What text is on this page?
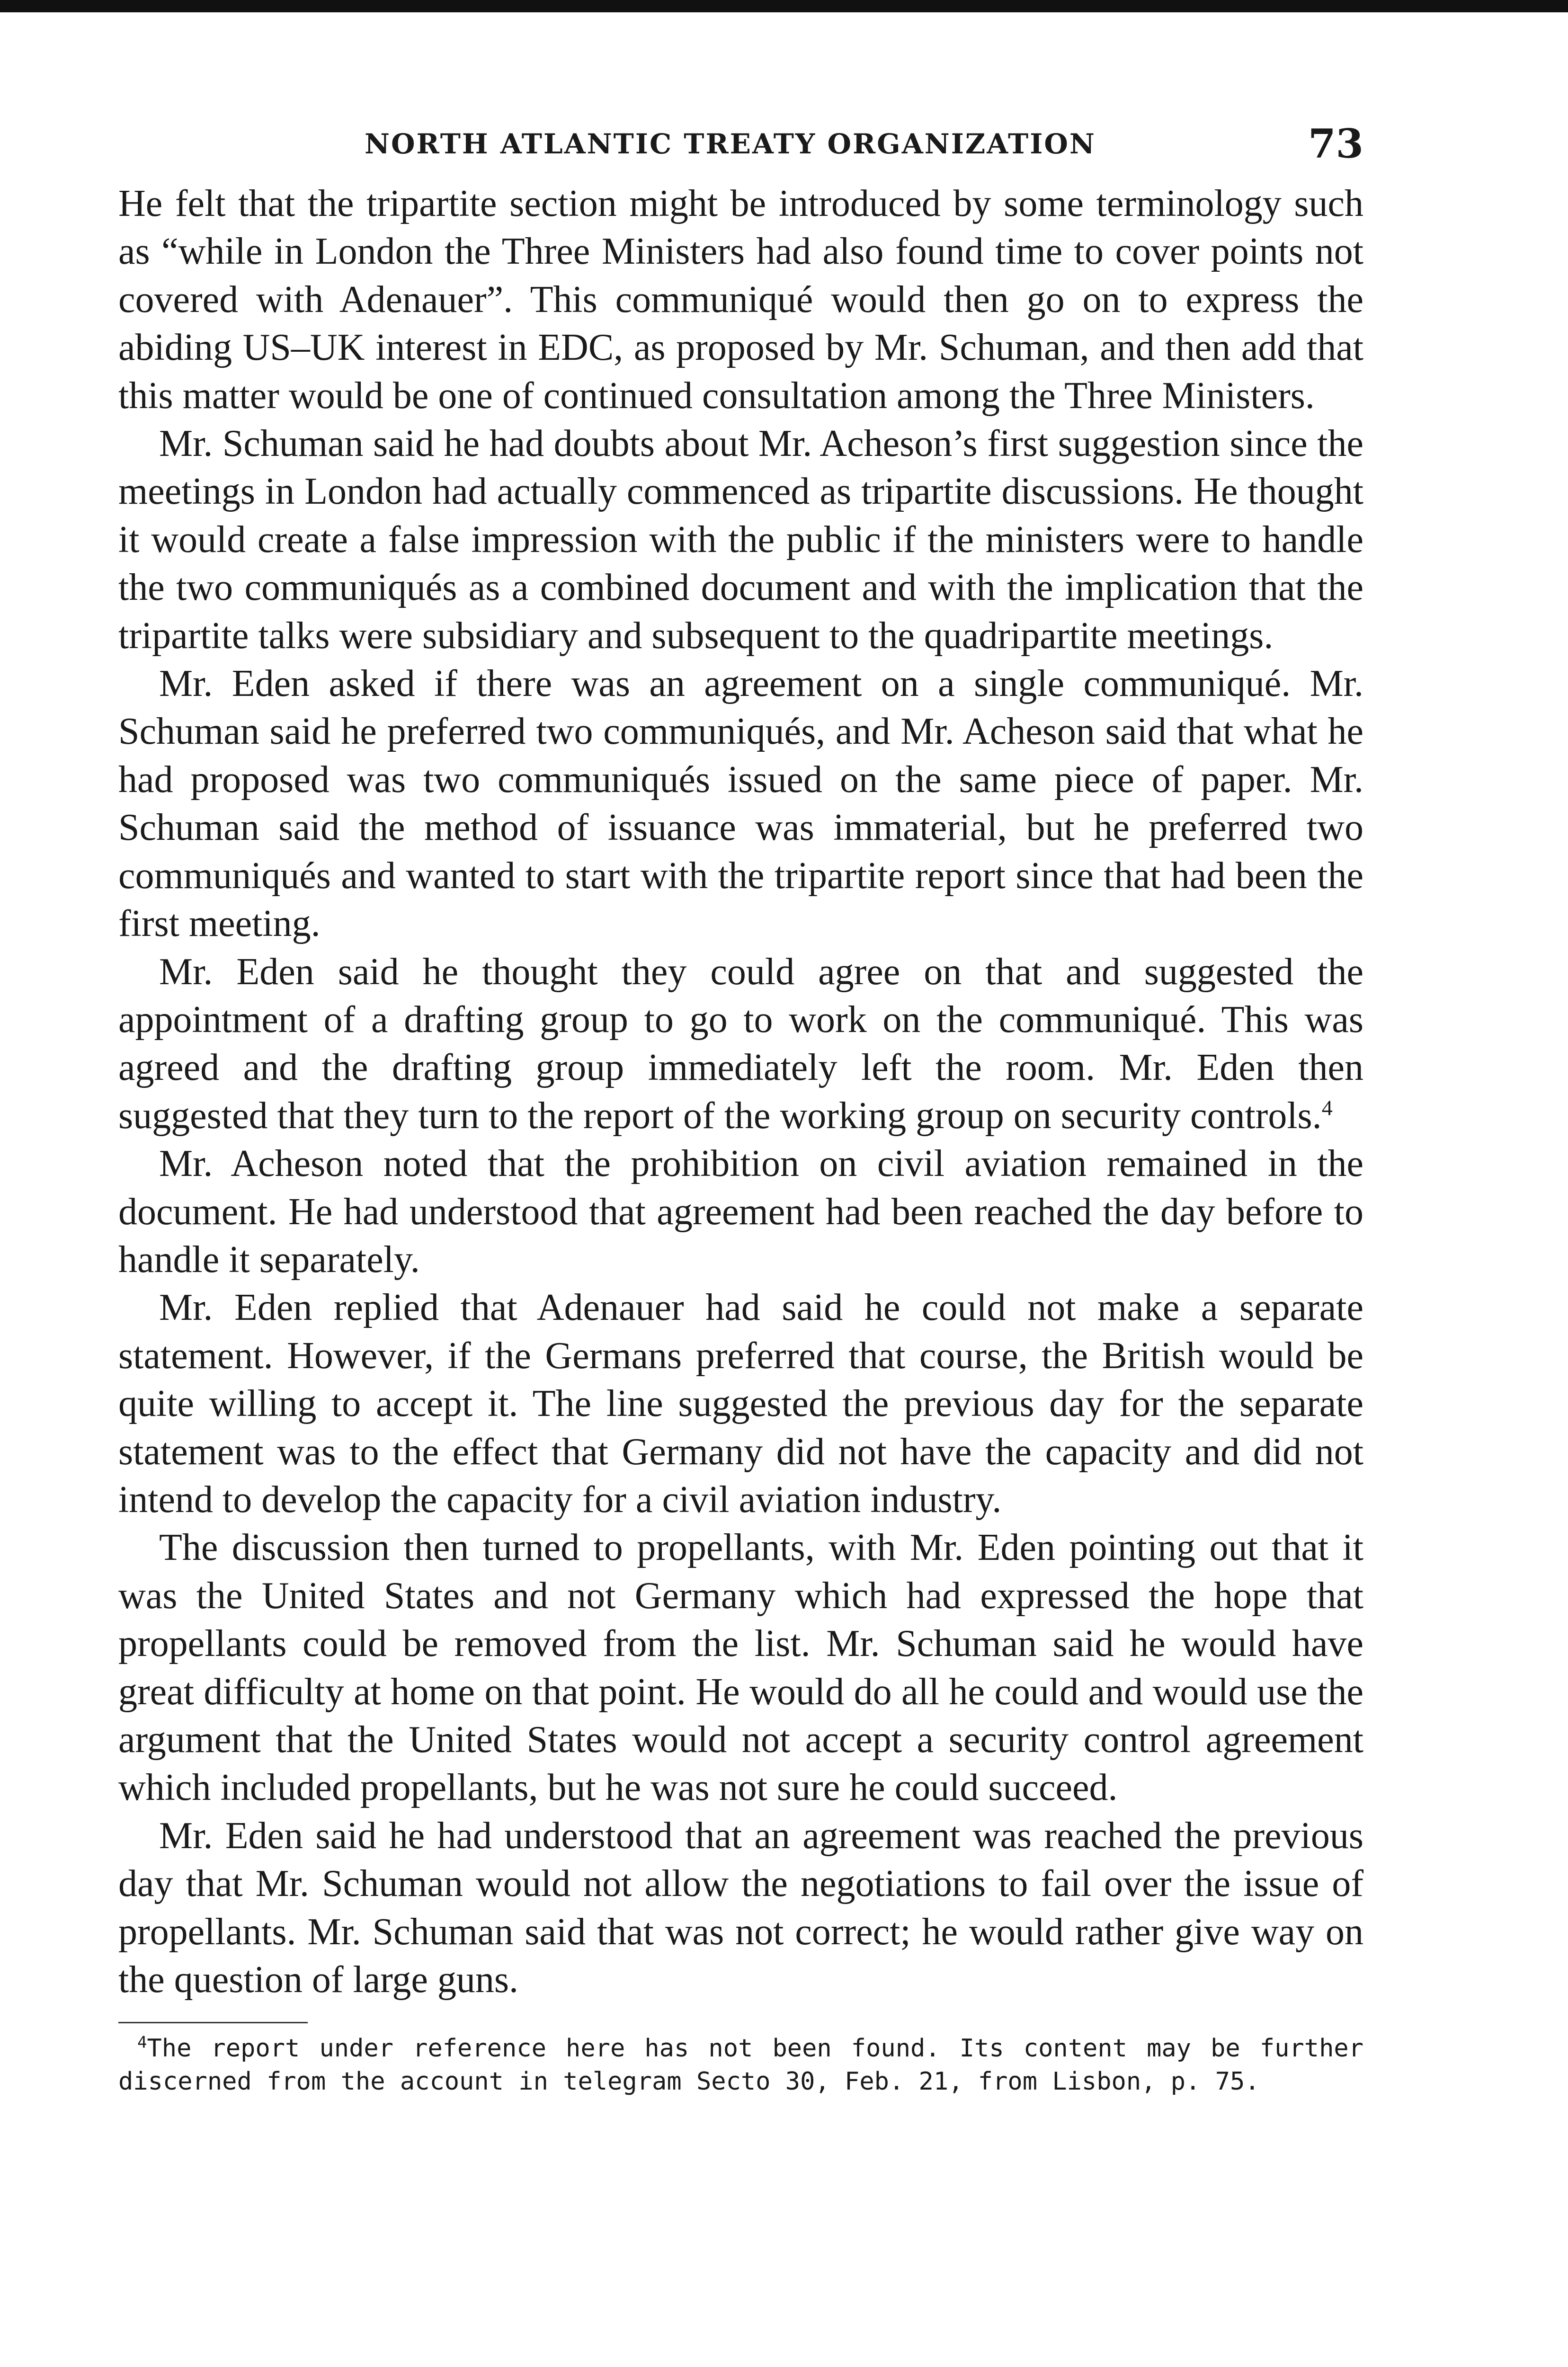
NORTH ATLANTIC TREATY ORGANIZATION	73

He felt that the tripartite section might be introduced by some terminology such as “while in London the Three Ministers had also found time to cover points not covered with Adenauer”. This communiqué would then go on to express the abiding US–UK interest in EDC, as proposed by Mr. Schuman, and then add that this matter would be one of continued consultation among the Three Ministers.

Mr. Schuman said he had doubts about Mr. Acheson’s first suggestion since the meetings in London had actually commenced as tripartite discussions. He thought it would create a false impression with the public if the ministers were to handle the two communiqués as a combined document and with the implication that the tripartite talks were subsidiary and subsequent to the quadripartite meetings.

Mr. Eden asked if there was an agreement on a single communiqué. Mr. Schuman said he preferred two communiqués, and Mr. Acheson said that what he had proposed was two communiqués issued on the same piece of paper. Mr. Schuman said the method of issuance was immaterial, but he preferred two communiqués and wanted to start with the tripartite report since that had been the first meeting.

Mr. Eden said he thought they could agree on that and suggested the appointment of a drafting group to go to work on the communiqué. This was agreed and the drafting group immediately left the room. Mr. Eden then suggested that they turn to the report of the working group on security controls.$^4$

Mr. Acheson noted that the prohibition on civil aviation remained in the document. He had understood that agreement had been reached the day before to handle it separately.

Mr. Eden replied that Adenauer had said he could not make a separate statement. However, if the Germans preferred that course, the British would be quite willing to accept it. The line suggested the previous day for the separate statement was to the effect that Germany did not have the capacity and did not intend to develop the capacity for a civil aviation industry.

The discussion then turned to propellants, with Mr. Eden pointing out that it was the United States and not Germany which had expressed the hope that propellants could be removed from the list. Mr. Schuman said he would have great difficulty at home on that point. He would do all he could and would use the argument that the United States would not accept a security control agreement which included propellants, but he was not sure he could succeed.

Mr. Eden said he had understood that an agreement was reached the previous day that Mr. Schuman would not allow the negotiations to fail over the issue of propellants. Mr. Schuman said that was not correct; he would rather give way on the question of large guns.

$^4$The report under reference here has not been found. Its content may be further discerned from the account in telegram Secto 30, Feb. 21, from Lisbon, p. 75.
